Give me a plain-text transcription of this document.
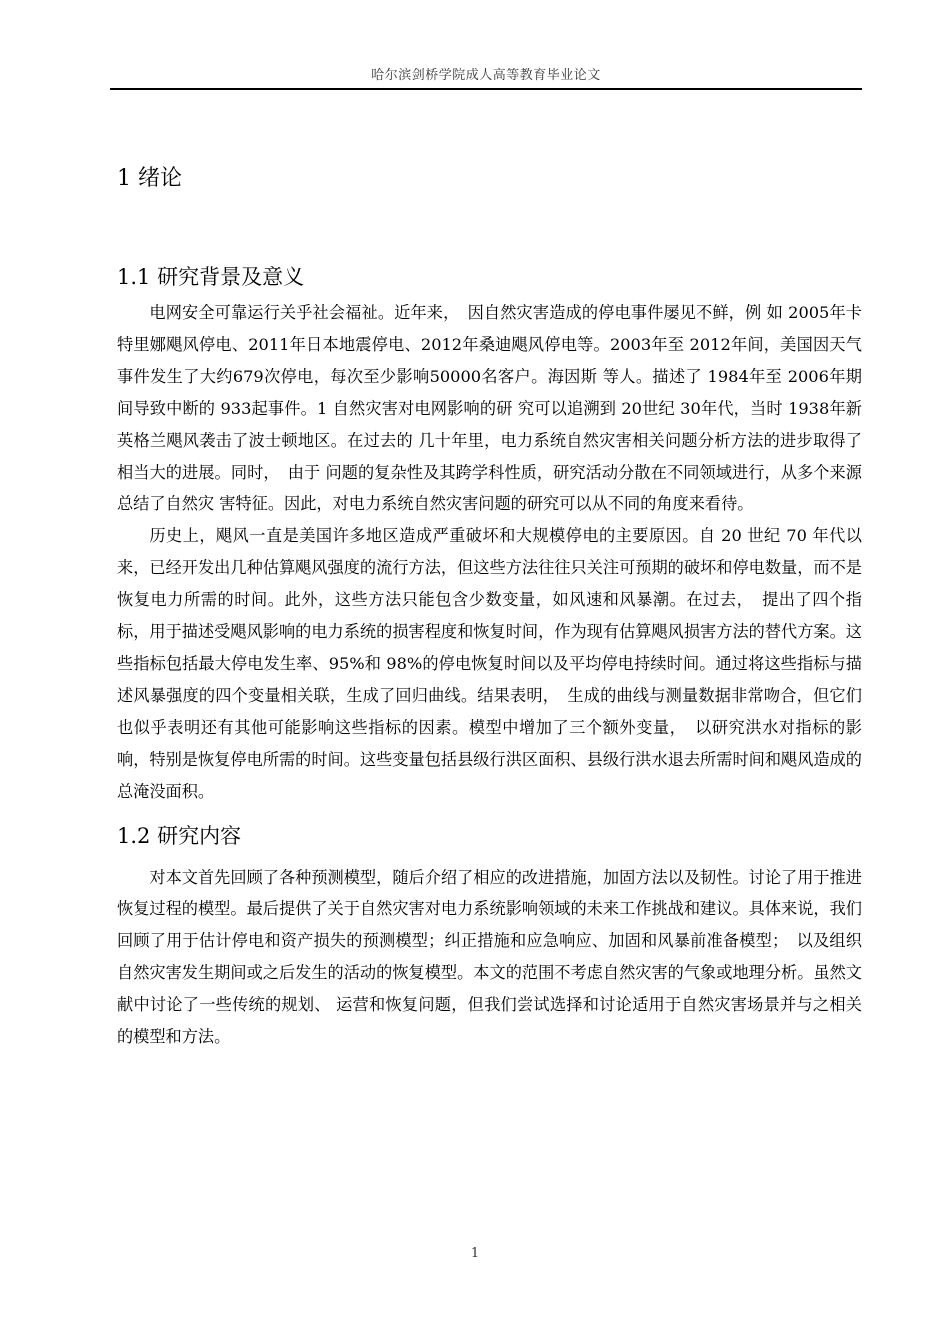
哈尔滨剑桥学院成人高等教育毕业论文
1 绪论
1.1 研究背景及意义

电网安全可靠运行关乎社会福祉。近年来，　因自然灾害造成的停电事件屡见不鲜，例 如 2005年卡特里娜飓风停电、2011年日本地震停电、2012年桑迪飓风停电等。2003年至 2012年间，美国因天气事件发生了大约679次停电，每次至少影响50000名客户。海因斯 等人。描述了 1984年至 2006年期间导致中断的 933起事件。1 自然灾害对电网影响的研 究可以追溯到 20世纪 30年代，当时 1938年新英格兰飓风袭击了波士顿地区。在过去的 几十年里，电力系统自然灾害相关问题分析方法的进步取得了相当大的进展。同时，　由于 问题的复杂性及其跨学科性质，研究活动分散在不同领域进行，从多个来源总结了自然灾 害特征。因此，对电力系统自然灾害问题的研究可以从不同的角度来看待。

历史上，飓风一直是美国许多地区造成严重破坏和大规模停电的主要原因。自 20 世纪 70 年代以来，已经开发出几种估算飓风强度的流行方法，但这些方法往往只关注可预期的破坏和停电数量，而不是恢复电力所需的时间。此外，这些方法只能包含少数变量，如风速和风暴潮。在过去，　提出了四个指标，用于描述受飓风影响的电力系统的损害程度和恢复时间，作为现有估算飓风损害方法的替代方案。这些指标包括最大停电发生率、95%和 98%的停电恢复时间以及平均停电持续时间。通过将这些指标与描述风暴强度的四个变量相关联，生成了回归曲线。结果表明，　生成的曲线与测量数据非常吻合，但它们也似乎表明还有其他可能影响这些指标的因素。模型中增加了三个额外变量，　以研究洪水对指标的影响，特别是恢复停电所需的时间。这些变量包括县级行洪区面积、县级行洪水退去所需时间和飓风造成的总淹没面积。

1.2 研究内容

对本文首先回顾了各种预测模型，随后介绍了相应的改进措施，加固方法以及韧性。讨论了用于推进恢复过程的模型。最后提供了关于自然灾害对电力系统影响领域的未来工作挑战和建议。具体来说，我们回顾了用于估计停电和资产损失的预测模型；纠正措施和应急响应、加固和风暴前准备模型；　以及组织自然灾害发生期间或之后发生的活动的恢复模型。本文的范围不考虑自然灾害的气象或地理分析。虽然文献中讨论了一些传统的规划、 运营和恢复问题，但我们尝试选择和讨论适用于自然灾害场景并与之相关的模型和方法。

1
